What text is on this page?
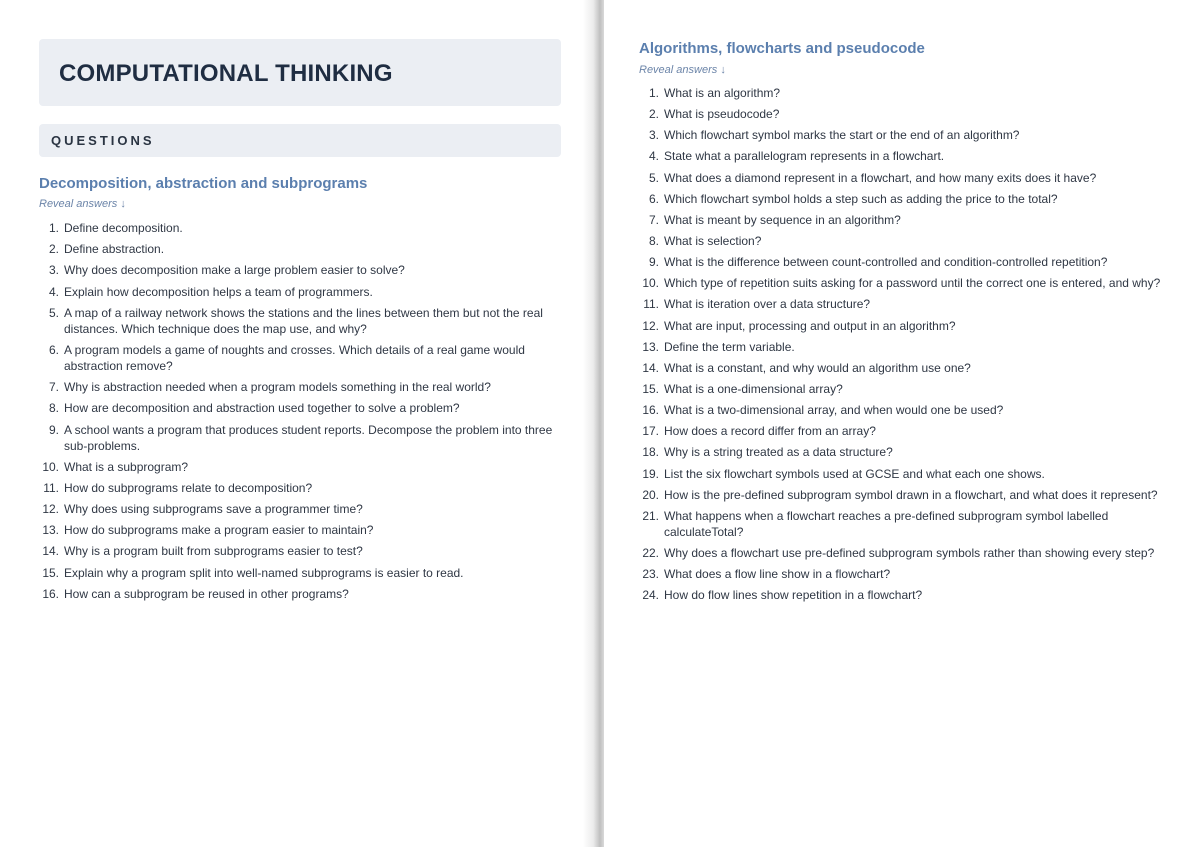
COMPUTATIONAL THINKING
QUESTIONS
Decomposition, abstraction and subprograms
Reveal answers ↓
1. Define decomposition.
2. Define abstraction.
3. Why does decomposition make a large problem easier to solve?
4. Explain how decomposition helps a team of programmers.
5. A map of a railway network shows the stations and the lines between them but not the real distances. Which technique does the map use, and why?
6. A program models a game of noughts and crosses. Which details of a real game would abstraction remove?
7. Why is abstraction needed when a program models something in the real world?
8. How are decomposition and abstraction used together to solve a problem?
9. A school wants a program that produces student reports. Decompose the problem into three sub-problems.
10. What is a subprogram?
11. How do subprograms relate to decomposition?
12. Why does using subprograms save a programmer time?
13. How do subprograms make a program easier to maintain?
14. Why is a program built from subprograms easier to test?
15. Explain why a program split into well-named subprograms is easier to read.
16. How can a subprogram be reused in other programs?
Algorithms, flowcharts and pseudocode
Reveal answers ↓
1. What is an algorithm?
2. What is pseudocode?
3. Which flowchart symbol marks the start or the end of an algorithm?
4. State what a parallelogram represents in a flowchart.
5. What does a diamond represent in a flowchart, and how many exits does it have?
6. Which flowchart symbol holds a step such as adding the price to the total?
7. What is meant by sequence in an algorithm?
8. What is selection?
9. What is the difference between count-controlled and condition-controlled repetition?
10. Which type of repetition suits asking for a password until the correct one is entered, and why?
11. What is iteration over a data structure?
12. What are input, processing and output in an algorithm?
13. Define the term variable.
14. What is a constant, and why would an algorithm use one?
15. What is a one-dimensional array?
16. What is a two-dimensional array, and when would one be used?
17. How does a record differ from an array?
18. Why is a string treated as a data structure?
19. List the six flowchart symbols used at GCSE and what each one shows.
20. How is the pre-defined subprogram symbol drawn in a flowchart, and what does it represent?
21. What happens when a flowchart reaches a pre-defined subprogram symbol labelled calculateTotal?
22. Why does a flowchart use pre-defined subprogram symbols rather than showing every step?
23. What does a flow line show in a flowchart?
24. How do flow lines show repetition in a flowchart?
